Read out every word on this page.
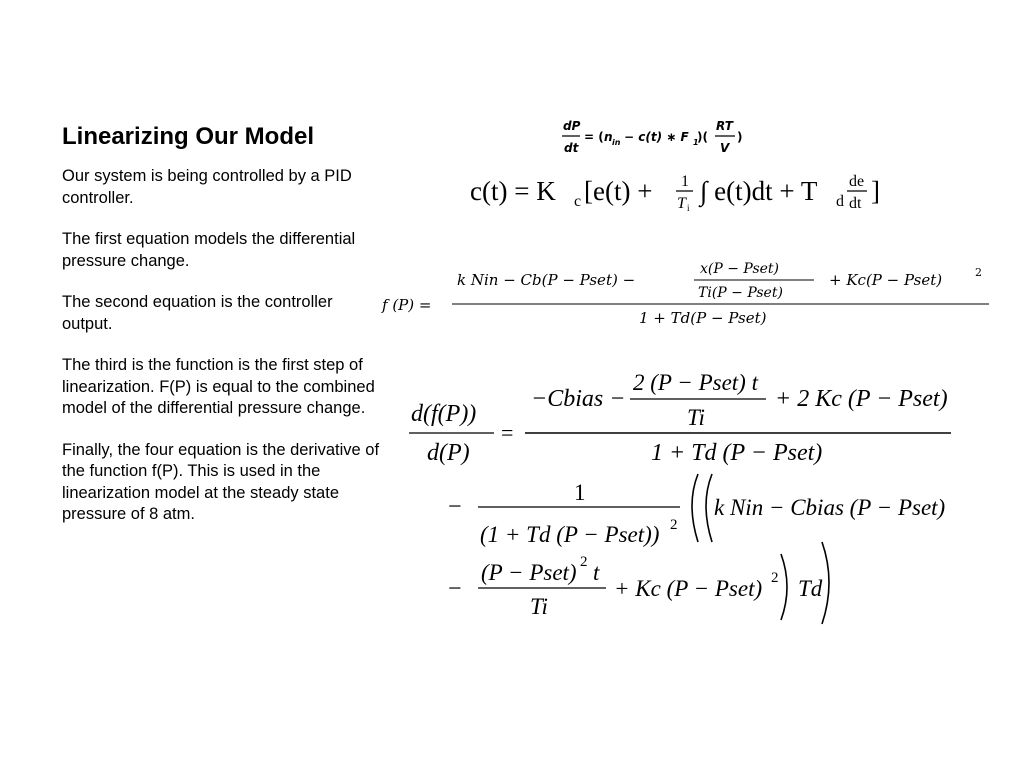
Linearizing Our Model

Our system is being controlled by a PID controller.

The first equation models the differential pressure change.

The second equation is the controller output.

The third is the function is the first step of linearization. F(P) is equal to the combined model of the differential pressure change.

Finally, the four equation is the derivative of the function f(P). This is used in the linearization model at the steady state pressure of 8 atm.

dP
dt
= ( n in − c(t) ∗ F 1
)(
RT
V
)
c(t) = K c [e(t) + 1
T i
∫ e(t)dt + T d
de
dt ]
f (P) =
k Nin − Cb(P − Pset) −
x(P − Pset)
Ti(P − Pset)
+ Kc(P − Pset)	2
1 + Td(P − Pset)
d(f(P))
d(P)
=
−Cbias −
2 (P − Pset) t
Ti
+ 2 Kc (P − Pset)
1 + Td (P − Pset)
−
1
(1 + Td (P − Pset)) 2
k Nin − Cbias (P − Pset)
−
(P − Pset) 2 t
Ti
+ Kc (P − Pset) 2
) Td	)
